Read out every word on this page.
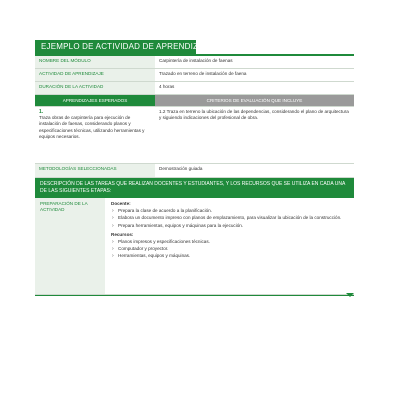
EJEMPLO DE ACTIVIDAD DE APRENDIZAJE
NOMBRE DEL MÓDULO	Carpintería de instalación de faenas
ACTIVIDAD DE APRENDIZAJE	Trazado en terreno de instalación de faena
DURACIÓN DE LA ACTIVIDAD	4 horas
APRENDIZAJES ESPERADOS	CRITERIOS DE EVALUACIÓN QUE INCLUYE

1.
Traza obras de carpintería para ejecución de instalación de faenas, considerando planos y especificaciones técnicas, utilizando herramientas y equipos necesarios.	1.2 Traza en terreno la ubicación de las dependencias, considerando el plano de arquitectura y siguiendo indicaciones del profesional de obra.
METODOLOGÍAS SELECCIONADAS	Demostración guiada
DESCRIPCIÓN DE LAS TAREAS QUE REALIZAN DOCENTES Y ESTUDIANTES, Y LOS RECURSOS QUE SE UTILIZA EN CADA UNA DE LAS SIGUIENTES ETAPAS:
PREPARACIÓN DE LA ACTIVIDAD	
Docente:
› Prepara la clase de acuerdo a la planificación.
› Elabora un documento impreso con planos de emplazamiento, para visualizar la ubicación de la construcción.
› Prepara herramientas, equipos y máquinas para la ejecución.
Recursos:
› Planos impresos y especificaciones técnicas.
› Computador y proyector.
› Herramientas, equipos y máquinas.
